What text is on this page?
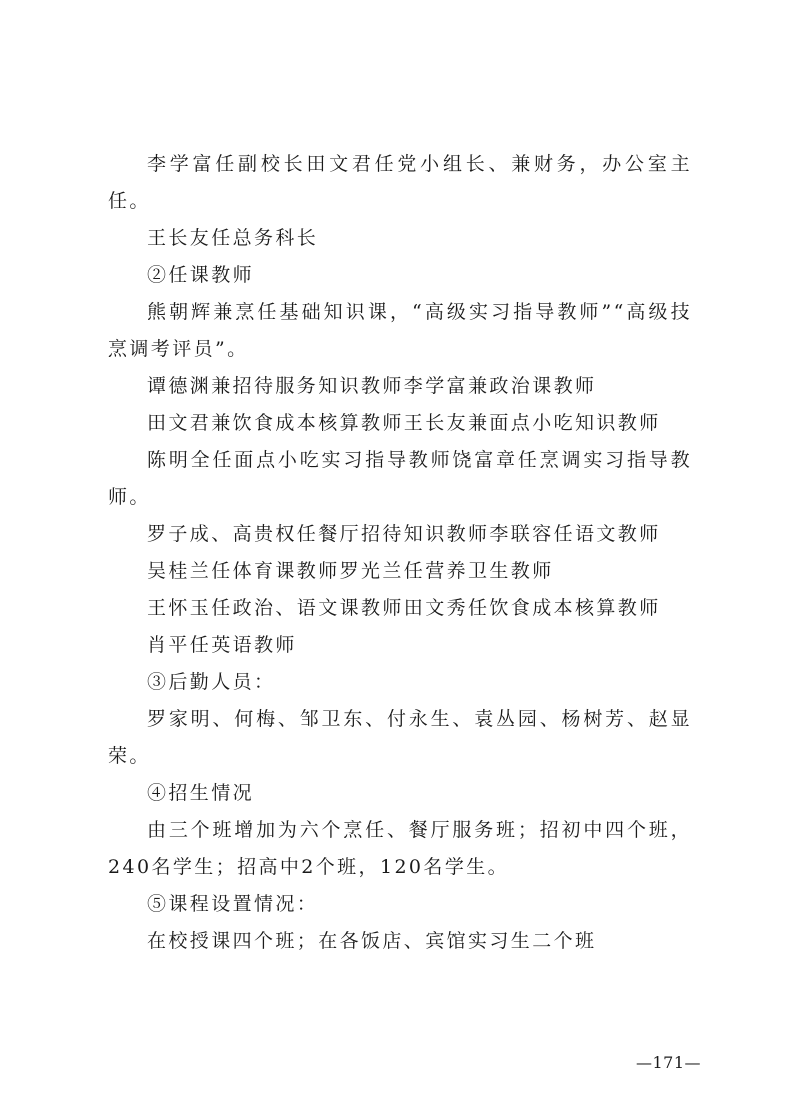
李学富任副校长田文君任党小组长、兼财务，办公室主
任。
王长友任总务科长
②任课教师
熊朝辉兼烹任基础知识课，“高级实习指导教师”“高级技
烹调考评员”。
谭德渊兼招待服务知识教师李学富兼政治课教师
田文君兼饮食成本核算教师王长友兼面点小吃知识教师
陈明全任面点小吃实习指导教师饶富章任烹调实习指导教
师。
罗子成、高贵权任餐厅招待知识教师李联容任语文教师
吴桂兰任体育课教师罗光兰任营养卫生教师
王怀玉任政治、语文课教师田文秀任饮食成本核算教师
肖平任英语教师
③后勤人员：
罗家明、何梅、邹卫东、付永生、袁丛园、杨树芳、赵显
荣。
④招生情况
由三个班增加为六个烹任、餐厅服务班；招初中四个班，
240名学生；招高中2个班，120名学生。
⑤课程设置情况：
在校授课四个班；在各饭店、宾馆实习生二个班
—171—
